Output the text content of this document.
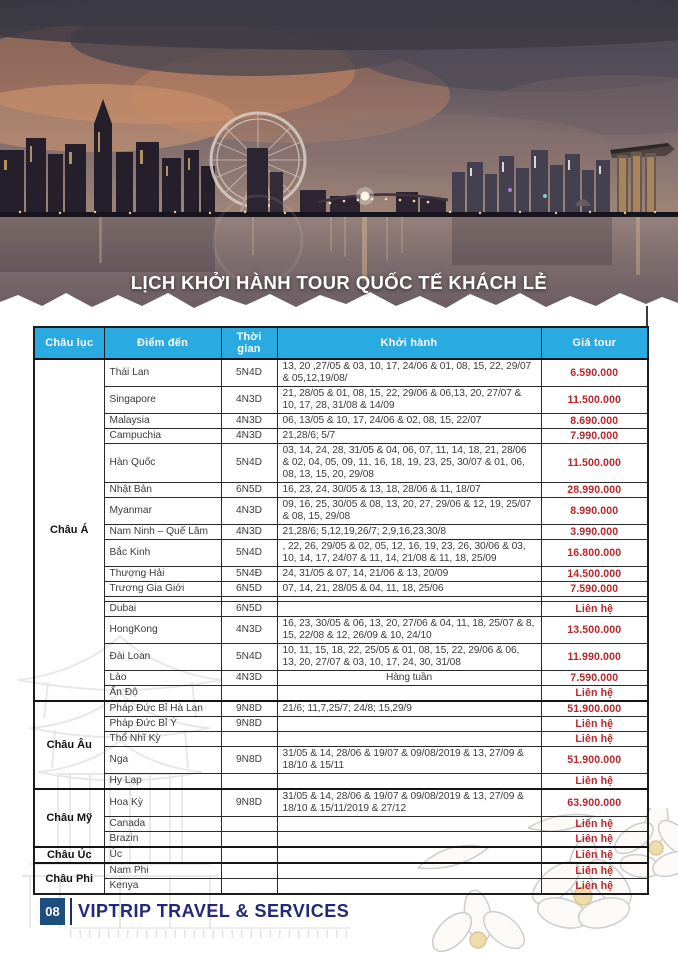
LỊCH KHỞI HÀNH TOUR QUỐC TẾ KHÁCH LẺ
Châu lục	Điểm đến	Thời gian	Khởi hành	Giá tour
Châu Á	Thái Lan	5N4D	13, 20 ,27/05 & 03, 10, 17, 24/06 & 01, 08, 15, 22, 29/07 & 05,12,19/08/	6.590.000
	Singapore	4N3D	21, 28/05 & 01, 08, 15, 22, 29/06 & 06,13, 20, 27/07 & 10, 17, 28, 31/08 & 14/09	11.500.000
	Malaysia	4N3D	06, 13/05 & 10, 17, 24/06 & 02, 08, 15, 22/07	8.690.000
	Campuchia	4N3D	21,28/6; 5/7	7.990.000
	Hàn Quốc	5N4D	03, 14, 24, 28, 31/05 & 04, 06, 07, 11, 14, 18, 21, 28/06 & 02, 04, 05, 09, 11, 16, 18, 19, 23, 25, 30/07 & 01, 06, 08, 13, 15, 20, 29/08	11.500.000
	Nhật Bản	6N5D	16, 23, 24, 30/05 & 13, 18, 28/06 & 11, 18/07	28.990.000
	Myanmar	4N3D	09, 16, 25, 30/05 & 08, 13, 20, 27, 29/06 & 12, 19, 25/07 & 08, 15, 29/08	8.990.000
	Nam Ninh – Quế Lâm	4N3D	21,28/6; 5,12,19,26/7; 2,9,16,23,30/8	3.990.000
	Bắc Kinh	5N4D	, 22, 26, 29/05 & 02, 05, 12, 16, 19, 23, 26, 30/06 & 03, 10, 14, 17, 24/07 & 11, 14, 21/08 & 11, 18, 25/09	16.800.000
	Thượng Hải	5N4Đ	24, 31/05 & 07, 14, 21/06 & 13, 20/09	14.500.000
	Trương Gia Giới	6N5D	07, 14, 21, 28/05 & 04, 11, 18, 25/06	7.590.000

	Dubai	6N5D		Liên hệ
	HongKong	4N3D	16, 23, 30/05 & 06, 13, 20, 27/06 & 04, 11, 18, 25/07 & 8, 15, 22/08 & 12, 26/09 & 10, 24/10	13.500.000
	Đài Loan	5N4D	10, 11, 15, 18, 22, 25/05 & 01, 08, 15, 22, 29/06 & 06, 13, 20, 27/07 & 03, 10, 17, 24, 30, 31/08	11.990.000
	Lào	4N3D	Hàng tuần	7.590.000
	Ấn Độ			Liên hệ
Châu Âu	Pháp Đức Bỉ Hà Lan	9N8D	21/6; 11,7,25/7; 24/8; 15,29/9	51.900.000
	Pháp Đức Bỉ Ý	9N8D		Liên hệ
	Thổ Nhĩ Kỳ			Liên hệ
	Nga	9N8D	31/05 & 14, 28/06 & 19/07 & 09/08/2019 & 13, 27/09 & 18/10 & 15/11	51.900.000
	Hy Lạp			Liên hệ
Châu Mỹ	Hoa Kỳ	9N8D	31/05 & 14, 28/06 & 19/07 & 09/08/2019 & 13, 27/09 & 18/10 & 15/11/2019 & 27/12	63.900.000
	Canada			Liên hệ
	Brazin			Liên hệ
Châu Úc	Úc			Liên hệ
Châu Phi	Nam Phi			Liên hệ
	Kenya			Liên hệ
08 VIPTRIP TRAVEL & SERVICES
